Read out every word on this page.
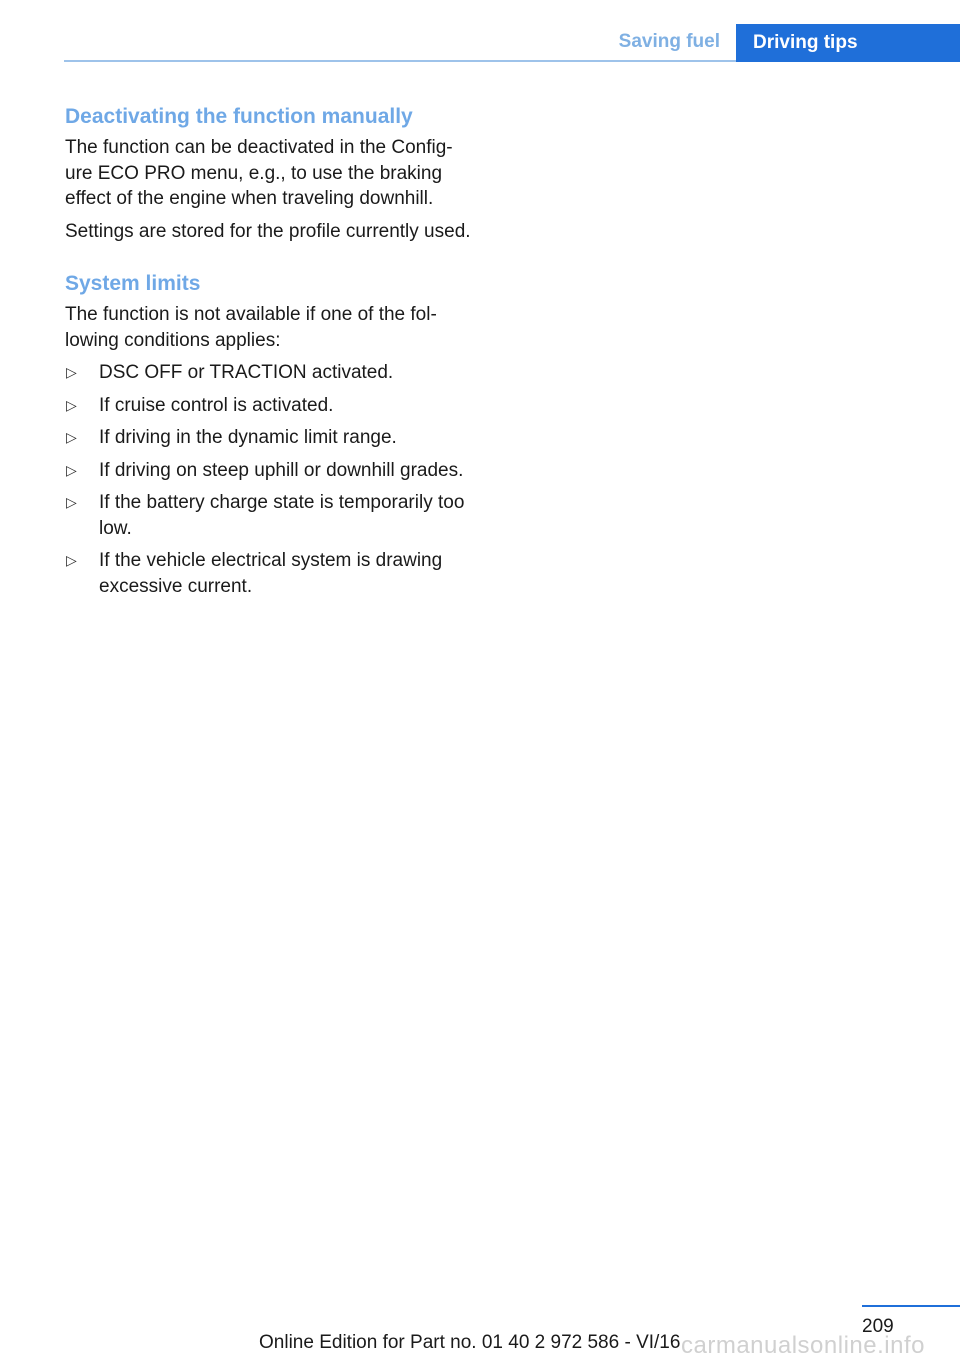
Saving fuel Driving tips
Deactivating the function manually

The function can be deactivated in the Config‐ ure ECO PRO menu, e.g., to use the braking effect of the engine when traveling downhill.

Settings are stored for the profile currently used.

System limits

The function is not available if one of the fol‐ lowing conditions applies:

▷ DSC OFF or TRACTION activated.
▷ If cruise control is activated.
▷ If driving in the dynamic limit range.
▷ If driving on steep uphill or downhill grades.
▷ If the battery charge state is temporarily too low.
▷ If the vehicle electrical system is drawing excessive current.
209
Online Edition for Part no. 01 40 2 972 586 - VI/16 carmanualsonline.info
